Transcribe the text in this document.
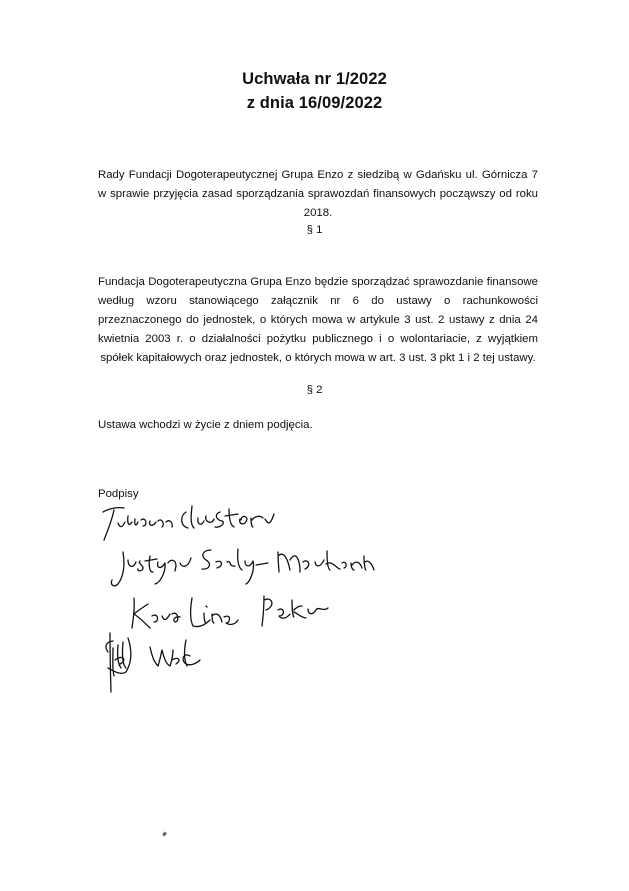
Uchwała nr 1/2022
z dnia 16/09/2022
Rady Fundacji Dogoterapeutycznej Grupa Enzo z siedzibą w Gdańsku ul. Górnicza 7 w sprawie przyjęcia zasad sporządzania sprawozdań finansowych począwszy od roku 2018.
§ 1
Fundacja Dogoterapeutyczna Grupa Enzo będzie sporządzać sprawozdanie finansowe według wzoru stanowiącego załącznik nr 6 do ustawy o rachunkowości przeznaczonego do jednostek, o których mowa w artykule 3 ust. 2 ustawy z dnia 24 kwietnia 2003 r. o działalności pożytku publicznego i o wolontariacie, z wyjątkiem spółek kapitałowych oraz jednostek, o których mowa w art. 3 ust. 3 pkt 1 i 2 tej ustawy.
§ 2
Ustawa wchodzi w życie z dniem podjęcia.
Podpisy
